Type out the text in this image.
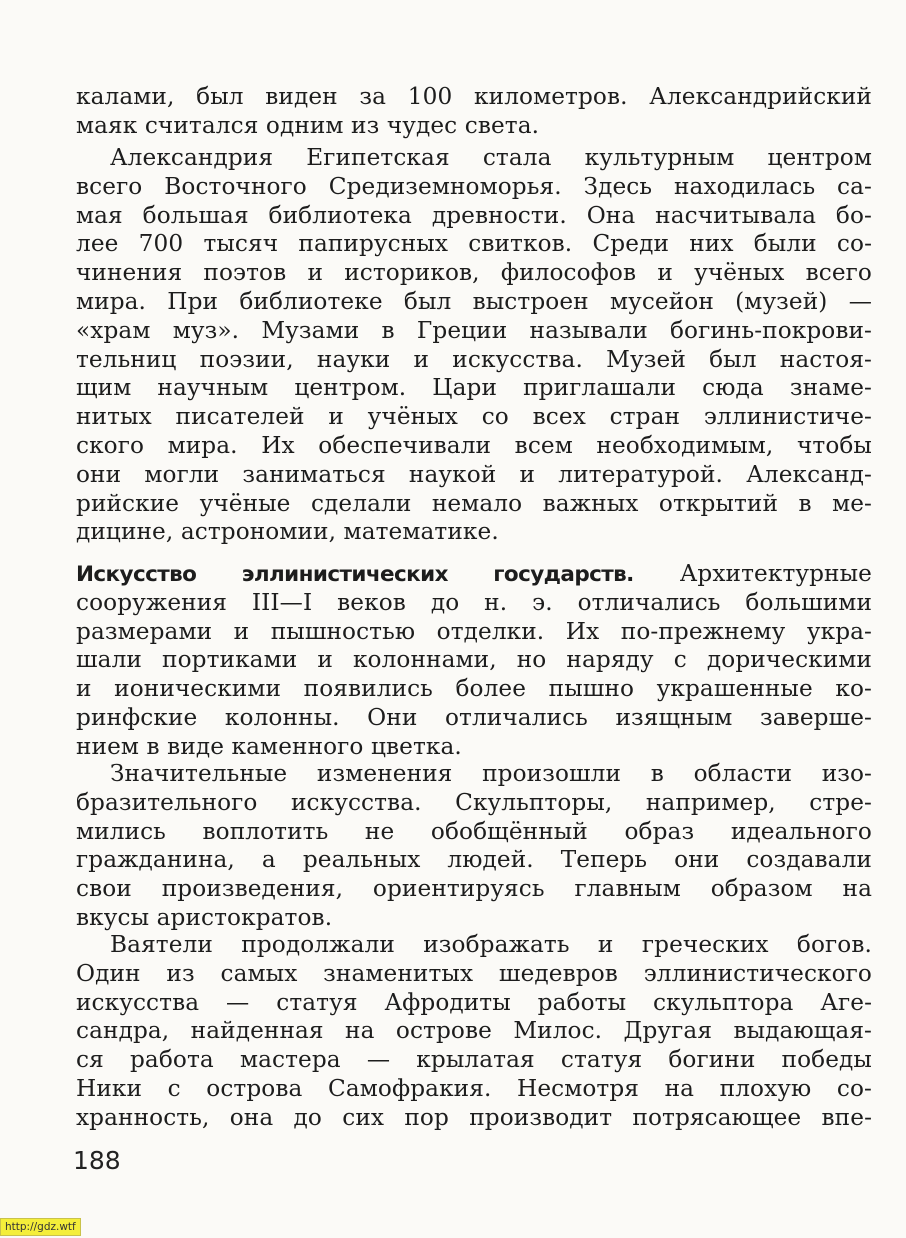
калами, был виден за 100 километров. Александрийский
маяк считался одним из чудес света.
Александрия Египетская стала культурным центром
всего Восточного Средиземноморья. Здесь находилась са-
мая большая библиотека древности. Она насчитывала бо-
лее 700 тысяч папирусных свитков. Среди них были со-
чинения поэтов и историков, философов и учёных всего
мира. При библиотеке был выстроен мусейон (музей) —
«храм муз». Музами в Греции называли богинь-покрови-
тельниц поэзии, науки и искусства. Музей был настоя-
щим научным центром. Цари приглашали сюда знаме-
нитых писателей и учёных со всех стран эллинистиче-
ского мира. Их обеспечивали всем необходимым, чтобы
они могли заниматься наукой и литературой. Александ-
рийские учёные сделали немало важных открытий в ме-
дицине, астрономии, математике.
Искусство эллинистических государств. Архитектурные
сооружения III—I веков до н. э. отличались большими
размерами и пышностью отделки. Их по-прежнему укра-
шали портиками и колоннами, но наряду с дорическими
и ионическими появились более пышно украшенные ко-
ринфские колонны. Они отличались изящным заверше-
нием в виде каменного цветка.
Значительные изменения произошли в области изо-
бразительного искусства. Скульпторы, например, стре-
мились воплотить не обобщённый образ идеального
гражданина, а реальных людей. Теперь они создавали
свои произведения, ориентируясь главным образом на
вкусы аристократов.
Ваятели продолжали изображать и греческих богов.
Один из самых знаменитых шедевров эллинистического
искусства — статуя Афродиты работы скульптора Аге-
сандра, найденная на острове Милос. Другая выдающая-
ся работа мастера — крылатая статуя богини победы
Ники с острова Самофракия. Несмотря на плохую со-
хранность, она до сих пор производит потрясающее впе-
188
http://gdz.wtf
